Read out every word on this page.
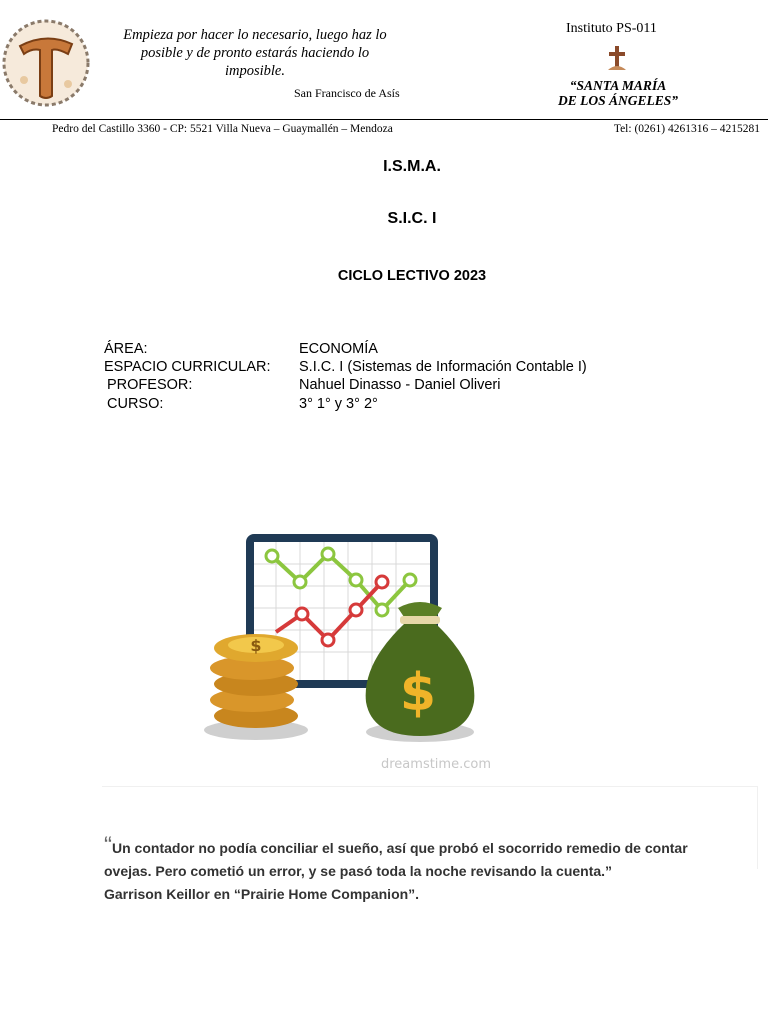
Empieza por hacer lo necesario, luego haz lo posible y de pronto estarás haciendo lo imposible.
San Francisco de Asís
Instituto PS-011
“SANTA MARÍA
DE LOS ÁNGELES”
Pedro del Castillo 3360 - CP: 5521 Villa Nueva – Guaymallén – Mendoza	Tel: (0261) 4261316 – 4215281
I.S.M.A.
S.I.C. I
CICLO LECTIVO 2023
ÁREA:	ECONOMÍA
ESPACIO CURRICULAR: S.I.C. I (Sistemas de Información Contable I)
PROFESOR:	Nahuel Dinasso - Daniel Oliveri
CURSO:	3° 1° y 3° 2°
$
$
dreamstime.com
“Un contador no podía conciliar el sueño, así que probó el socorrido remedio de contar ovejas. Pero cometió un error, y se pasó toda la noche revisando la cuenta.”
Garrison Keillor en “Prairie Home Companion”.
